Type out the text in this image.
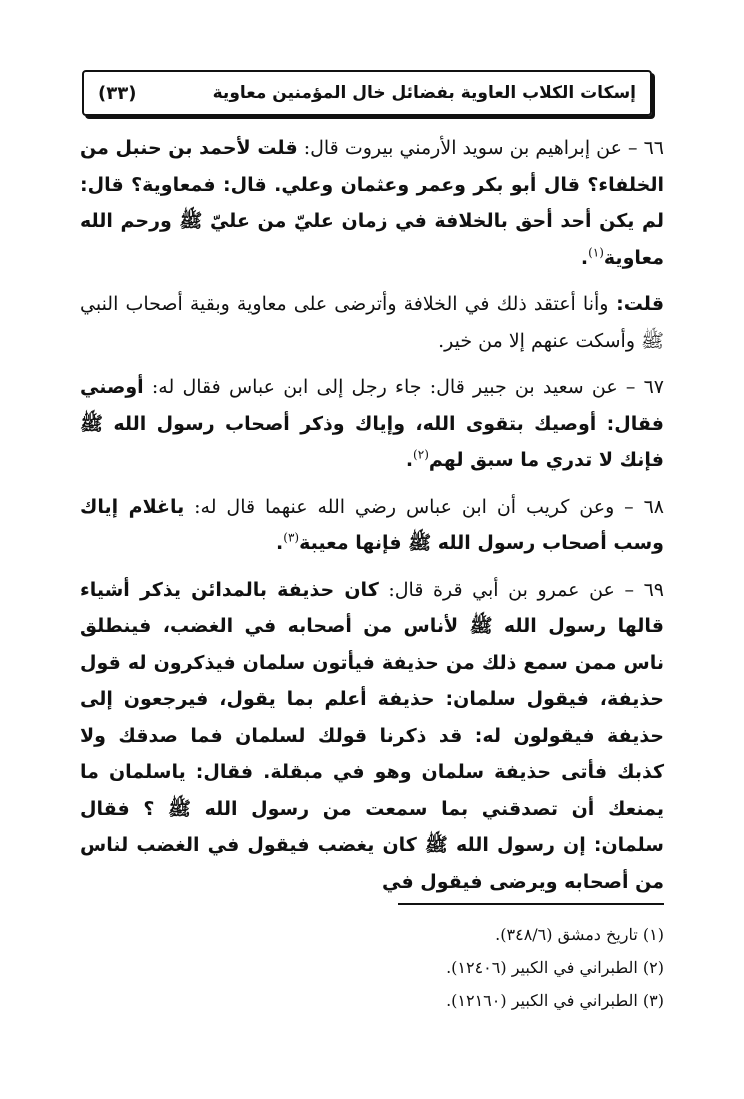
إسكات الكلاب العاوية بفضائل خال المؤمنين معاوية
(٣٣)

٦٦ – عن إبراهيم بن سويد الأرمني بيروت قال: قلت لأحمد بن حنبل من الخلفاء؟ قال أبو بكر وعمر وعثمان وعلي. قال: فمعاوية؟ قال: لم يكن أحد أحق بالخلافة في زمان عليّ من عليّ ﷺ ورحم الله معاوية$^{(١)}$.

قلت: وأنا أعتقد ذلك في الخلافة وأترضى على معاوية وبقية أصحاب النبي ﷺ وأسكت عنهم إلا من خير.

٦٧ – عن سعيد بن جبير قال: جاء رجل إلى ابن عباس فقال له: أوصني فقال: أوصيك بتقوى الله، وإياك وذكر أصحاب رسول الله ﷺ فإنك لا تدري ما سبق لهم$^{(٢)}$.

٦٨ – وعن كريب أن ابن عباس رضي الله عنهما قال له: ياغلام إياك وسب أصحاب رسول الله ﷺ فإنها معيبة$^{(٣)}$.

٦٩ – عن عمرو بن أبي قرة قال: كان حذيفة بالمدائن يذكر أشياء قالها رسول الله ﷺ لأناس من أصحابه في الغضب، فينطلق ناس ممن سمع ذلك من حذيفة فيأتون سلمان فيذكرون له قول حذيفة، فيقول سلمان: حذيفة أعلم بما يقول، فيرجعون إلى حذيفة فيقولون له: قد ذكرنا قولك لسلمان فما صدقك ولا كذبك فأتى حذيفة سلمان وهو في مبقلة. فقال: ياسلمان ما يمنعك أن تصدقني بما سمعت من رسول الله ﷺ ؟ فقال سلمان: إن رسول الله ﷺ كان يغضب فيقول في الغضب لناس من أصحابه ويرضى فيقول في

(١) تاريخ دمشق (٣٤٨/٦).

(٢) الطبراني في الكبير (١٢٤٠٦).

(٣) الطبراني في الكبير (١٢١٦٠).
